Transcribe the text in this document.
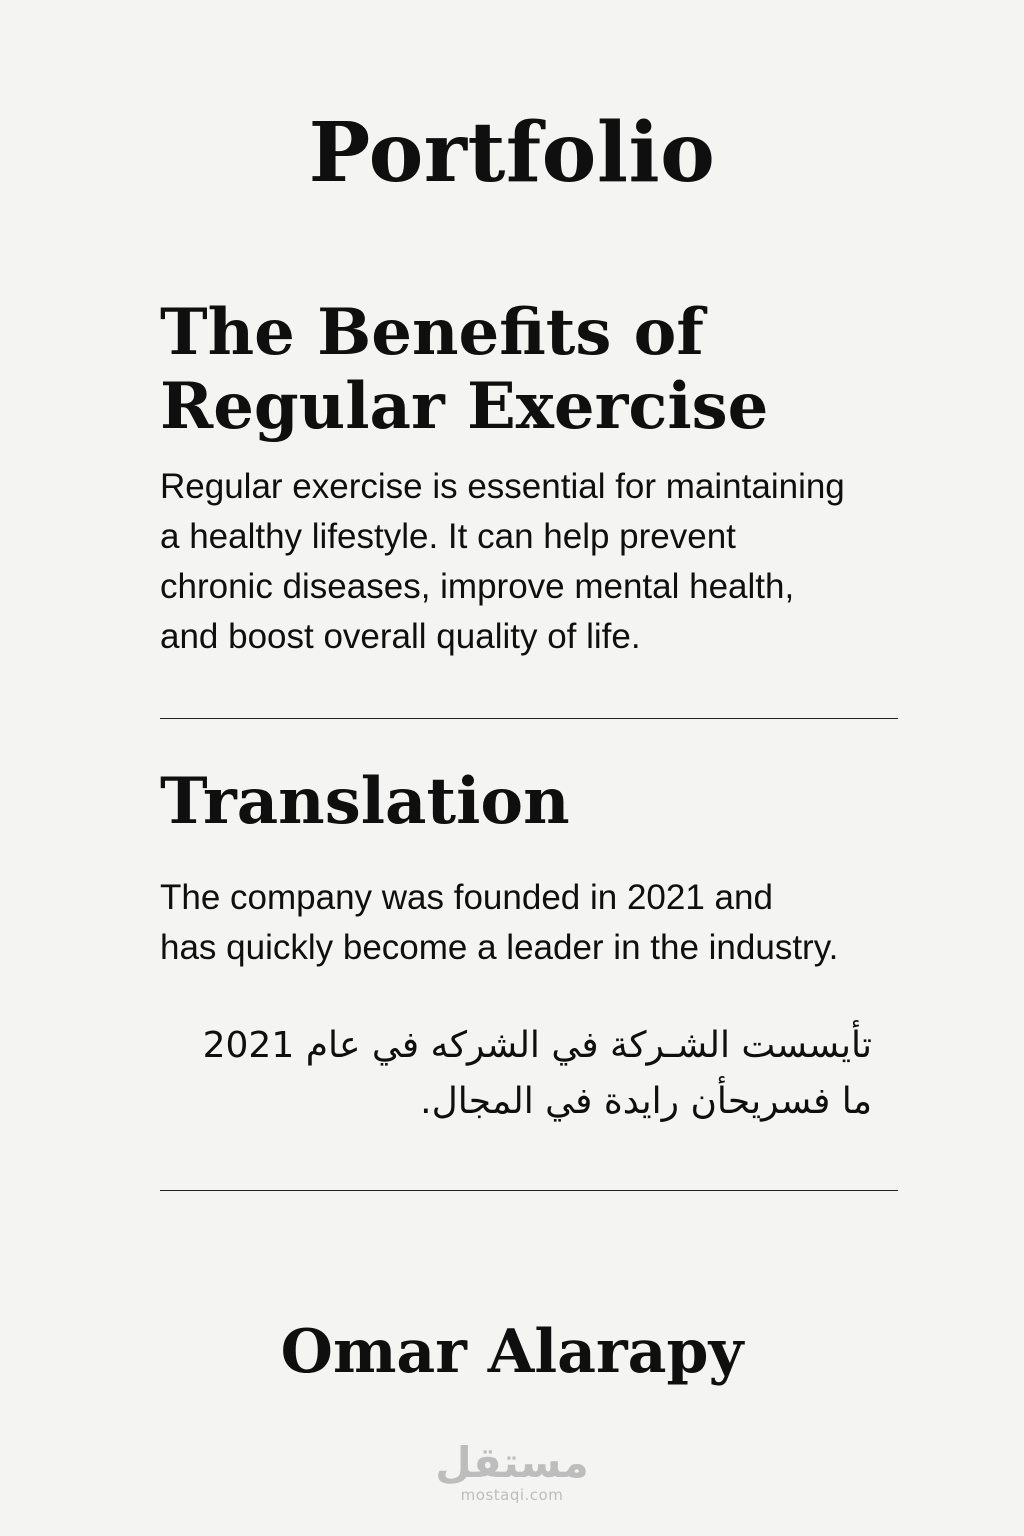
Portfolio
The Benefits of
Regular Exercise

Regular exercise is essential for maintaining
a healthy lifestyle. It can help prevent
chronic diseases, improve mental health,
and boost overall quality of life.

Translation

The company was founded in 2021 and
has quickly become a leader in the industry.

تأيسست الشـركة في الشركه في عام 2021
ما فسريحأن رايدة في المجال.
Omar Alarapy
مستقل
mostaqi.com
